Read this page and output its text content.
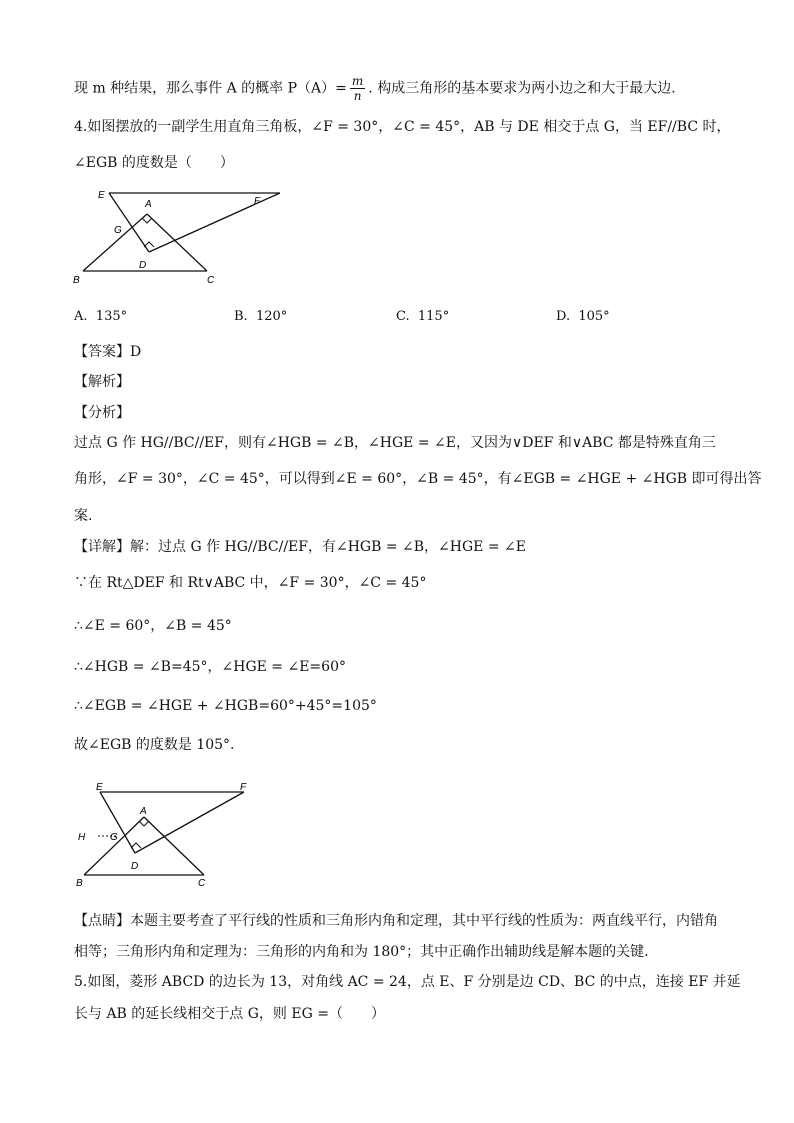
现 m 种结果，那么事件 A 的概率 $P(A)= \frac{m}{n}$ . 构成三角形的基本要求为两小边之和大于最大边.
4.如图摆放的一副学生用直角三角板，∠F = 30°，∠C = 45°，AB 与 DE 相交于点 G，当 EF//BC 时，
∠EGB 的度数是（　　）
E
F
A
G
D
B	C
A. 135°	B. 120°	C. 115°	D. 105°
【答案】D
【解析】
【分析】
过点 G 作 HG//BC//EF，则有∠HGB = ∠B，∠HGE = ∠E，又因为∨DEF 和∨ABC 都是特殊直角三
角形，∠F = 30°，∠C = 45°，可以得到∠E = 60°，∠B = 45°，有∠EGB = ∠HGE + ∠HGB 即可得出答
案.
【详解】解：过点 G 作 HG//BC//EF，有∠HGB = ∠B，∠HGE = ∠E
∵在 Rt△DEF 和 Rt∨ABC 中，∠F = 30°，∠C = 45°
∴∠E = 60°，∠B = 45°
∴∠HGB = ∠B=45°，∠HGE = ∠E=60°
∴∠EGB = ∠HGE + ∠HGB=60°+45°=105°
故∠EGB 的度数是 105°.
E	F
A
H G
D
B	C
【点睛】本题主要考查了平行线的性质和三角形内角和定理，其中平行线的性质为：两直线平行，内错角
相等；三角形内角和定理为：三角形的内角和为 180°；其中正确作出辅助线是解本题的关键.
5.如图，菱形 ABCD 的边长为 13，对角线 AC = 24，点 E、F 分别是边 CD、BC 的中点，连接 EF 并延
长与 AB 的延长线相交于点 G，则 EG =（　　）
